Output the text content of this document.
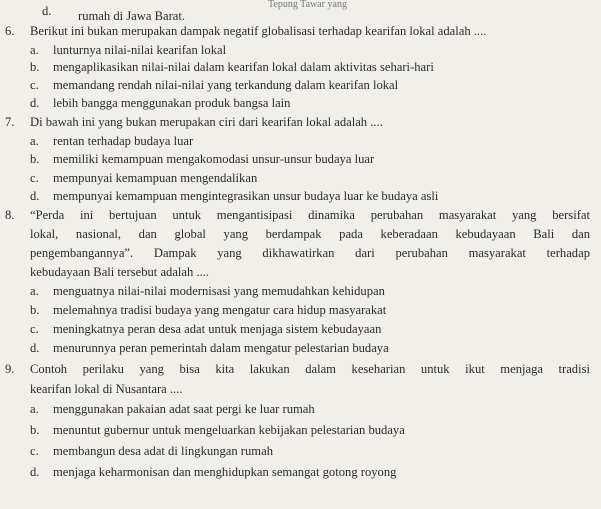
Tepung Tawar yang
d. rumah di Jawa Barat.
6. Berikut ini bukan merupakan dampak negatif globalisasi terhadap kearifan lokal adalah ....
a. lunturnya nilai-nilai kearifan lokal
b. mengaplikasikan nilai-nilai dalam kearifan lokal dalam aktivitas sehari-hari
c. memandang rendah nilai-nilai yang terkandung dalam kearifan lokal
d. lebih bangga menggunakan produk bangsa lain
7. Di bawah ini yang bukan merupakan ciri dari kearifan lokal adalah ....
a. rentan terhadap budaya luar
b. memiliki kemampuan mengakomodasi unsur-unsur budaya luar
c. mempunyai kemampuan mengendalikan
d. mempunyai kemampuan mengintegrasikan unsur budaya luar ke budaya asli
8. “Perda ini bertujuan untuk mengantisipasi dinamika perubahan masyarakat yang bersifat
lokal, nasional, dan global yang berdampak pada keberadaan kebudayaan Bali dan
pengembangannya”. Dampak yang dikhawatirkan dari perubahan masyarakat terhadap
kebudayaan Bali tersebut adalah ....
a. menguatnya nilai-nilai modernisasi yang memudahkan kehidupan
b. melemahnya tradisi budaya yang mengatur cara hidup masyarakat
c. meningkatnya peran desa adat untuk menjaga sistem kebudayaan
d. menurunnya peran pemerintah dalam mengatur pelestarian budaya
9. Contoh perilaku yang bisa kita lakukan dalam keseharian untuk ikut menjaga tradisi
kearifan lokal di Nusantara ....
a. menggunakan pakaian adat saat pergi ke luar rumah
b. menuntut gubernur untuk mengeluarkan kebijakan pelestarian budaya
c. membangun desa adat di lingkungan rumah
d. menjaga keharmonisan dan menghidupkan semangat gotong royong
